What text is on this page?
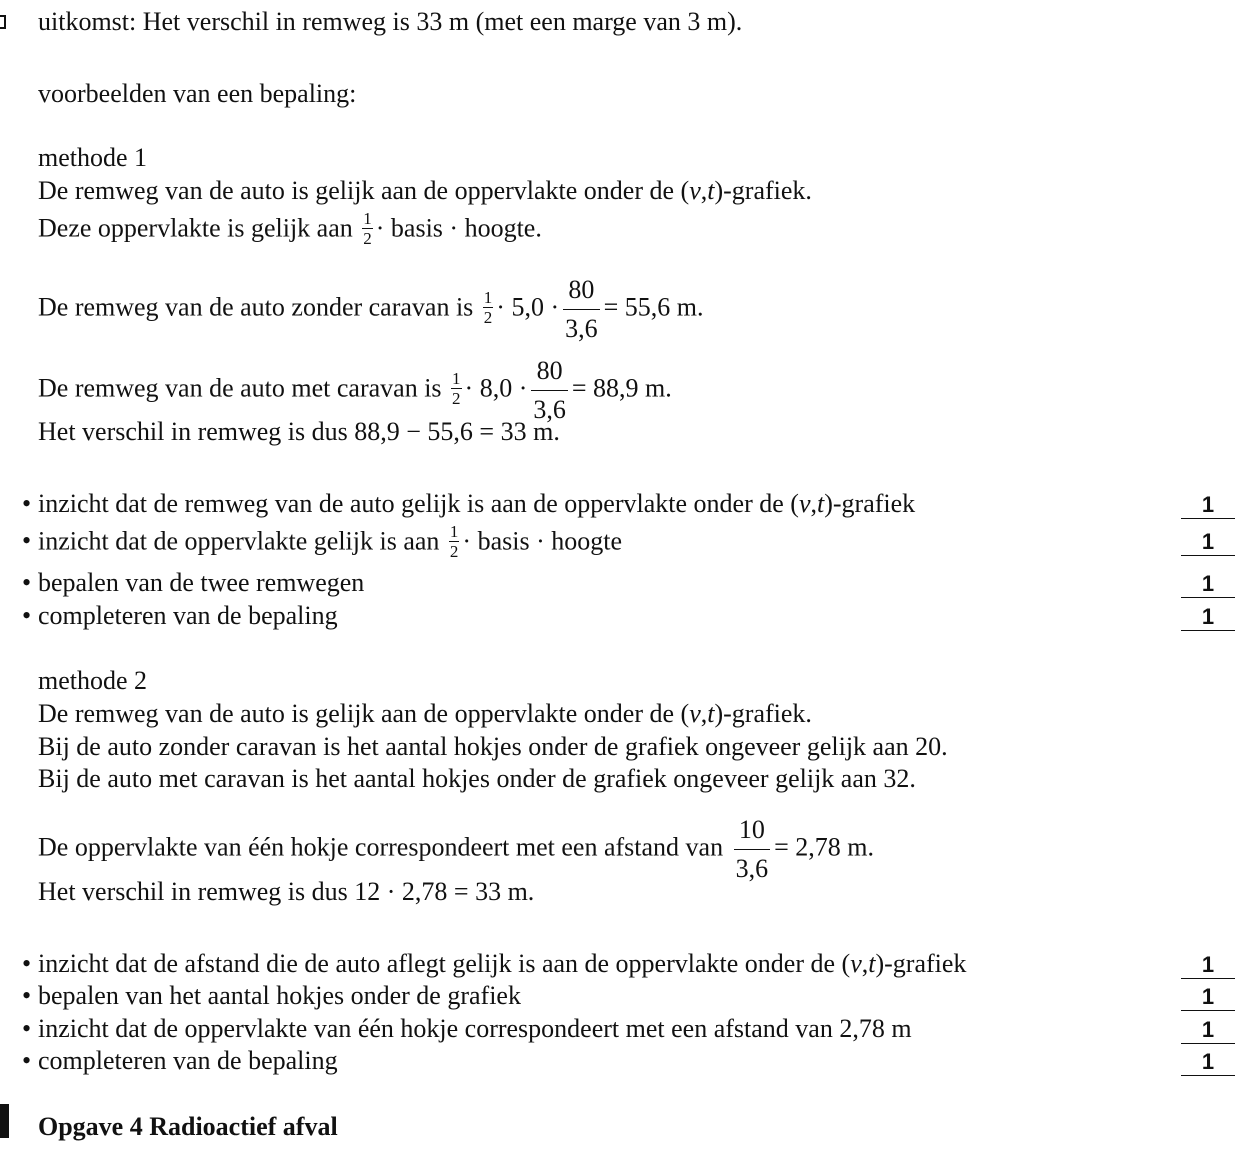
uitkomst: Het verschil in remweg is 33 m (met een marge van 3 m).
voorbeelden van een bepaling:
methode 1
De remweg van de auto is gelijk aan de oppervlakte onder de (v,t)-grafiek.
Deze oppervlakte is gelijk aan $\frac{1}{2}$ · basis · hoogte.
De remweg van de auto zonder caravan is $\frac{1}{2} \cdot 5,0 \cdot \frac{80}{3,6} = 55,6$ m.
De remweg van de auto met caravan is $\frac{1}{2} \cdot 8,0 \cdot \frac{80}{3,6} = 88,9$ m.
Het verschil in remweg is dus 88,9 − 55,6 = 33 m.
• inzicht dat de remweg van de auto gelijk is aan de oppervlakte onder de (v,t)-grafiek	1
• inzicht dat de oppervlakte gelijk is aan $\frac{1}{2}$ · basis · hoogte	1
• bepalen van de twee remwegen	1
• completeren van de bepaling	1
methode 2
De remweg van de auto is gelijk aan de oppervlakte onder de (v,t)-grafiek.
Bij de auto zonder caravan is het aantal hokjes onder de grafiek ongeveer gelijk aan 20.
Bij de auto met caravan is het aantal hokjes onder de grafiek ongeveer gelijk aan 32.
De oppervlakte van één hokje correspondeert met een afstand van $\frac{10}{3,6} = 2,78$ m.
Het verschil in remweg is dus 12 · 2,78 = 33 m.
• inzicht dat de afstand die de auto aflegt gelijk is aan de oppervlakte onder de (v,t)-grafiek	1
• bepalen van het aantal hokjes onder de grafiek	1
• inzicht dat de oppervlakte van één hokje correspondeert met een afstand van 2,78 m	1
• completeren van de bepaling	1
Opgave 4 Radioactief afval
